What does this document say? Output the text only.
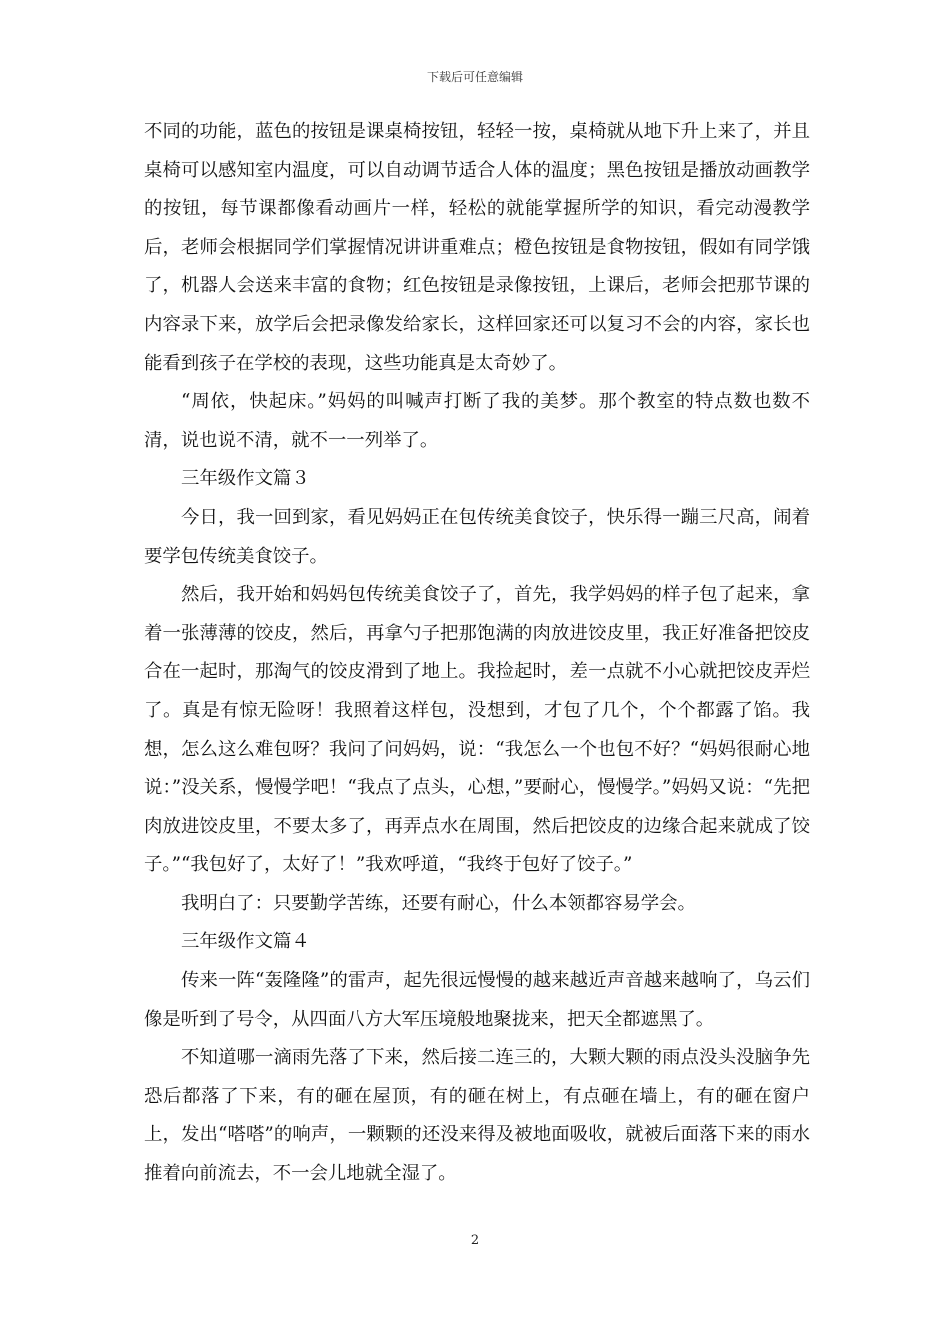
下载后可任意编辑

不同的功能，蓝色的按钮是课桌椅按钮，轻轻一按，桌椅就从地下升上来了，并且桌椅可以感知室内温度，可以自动调节适合人体的温度；黑色按钮是播放动画教学的按钮，每节课都像看动画片一样，轻松的就能掌握所学的知识，看完动漫教学后，老师会根据同学们掌握情况讲讲重难点；橙色按钮是食物按钮，假如有同学饿了，机器人会送来丰富的食物；红色按钮是录像按钮，上课后，老师会把那节课的内容录下来，放学后会把录像发给家长，这样回家还可以复习不会的内容，家长也能看到孩子在学校的表现，这些功能真是太奇妙了。

“周依，快起床。”妈妈的叫喊声打断了我的美梦。那个教室的特点数也数不清，说也说不清，就不一一列举了。

三年级作文篇３

今日，我一回到家，看见妈妈正在包传统美食饺子，快乐得一蹦三尺高，闹着要学包传统美食饺子。

然后，我开始和妈妈包传统美食饺子了，首先，我学妈妈的样子包了起来，拿着一张薄薄的饺皮，然后，再拿勺子把那饱满的肉放进饺皮里，我正好准备把饺皮合在一起时，那淘气的饺皮滑到了地上。我捡起时，差一点就不小心就把饺皮弄烂了。真是有惊无险呀！我照着这样包，没想到，才包了几个，个个都露了馅。我想，怎么这么难包呀？我问了问妈妈，说：“我怎么一个也包不好？“妈妈很耐心地说：”没关系，慢慢学吧！“我点了点头，心想，”要耐心，慢慢学。”妈妈又说：“先把肉放进饺皮里，不要太多了，再弄点水在周围，然后把饺皮的边缘合起来就成了饺子。”“我包好了，太好了！”我欢呼道，“我终于包好了饺子。”

我明白了：只要勤学苦练，还要有耐心，什么本领都容易学会。

三年级作文篇４

传来一阵“轰隆隆”的雷声，起先很远慢慢的越来越近声音越来越响了，乌云们像是听到了号令，从四面八方大军压境般地聚拢来，把天全都遮黑了。

不知道哪一滴雨先落了下来，然后接二连三的，大颗大颗的雨点没头没脑争先恐后都落了下来，有的砸在屋顶，有的砸在树上，有点砸在墙上，有的砸在窗户上，发出“嗒嗒”的响声，一颗颗的还没来得及被地面吸收，就被后面落下来的雨水推着向前流去，不一会儿地就全湿了。

2
